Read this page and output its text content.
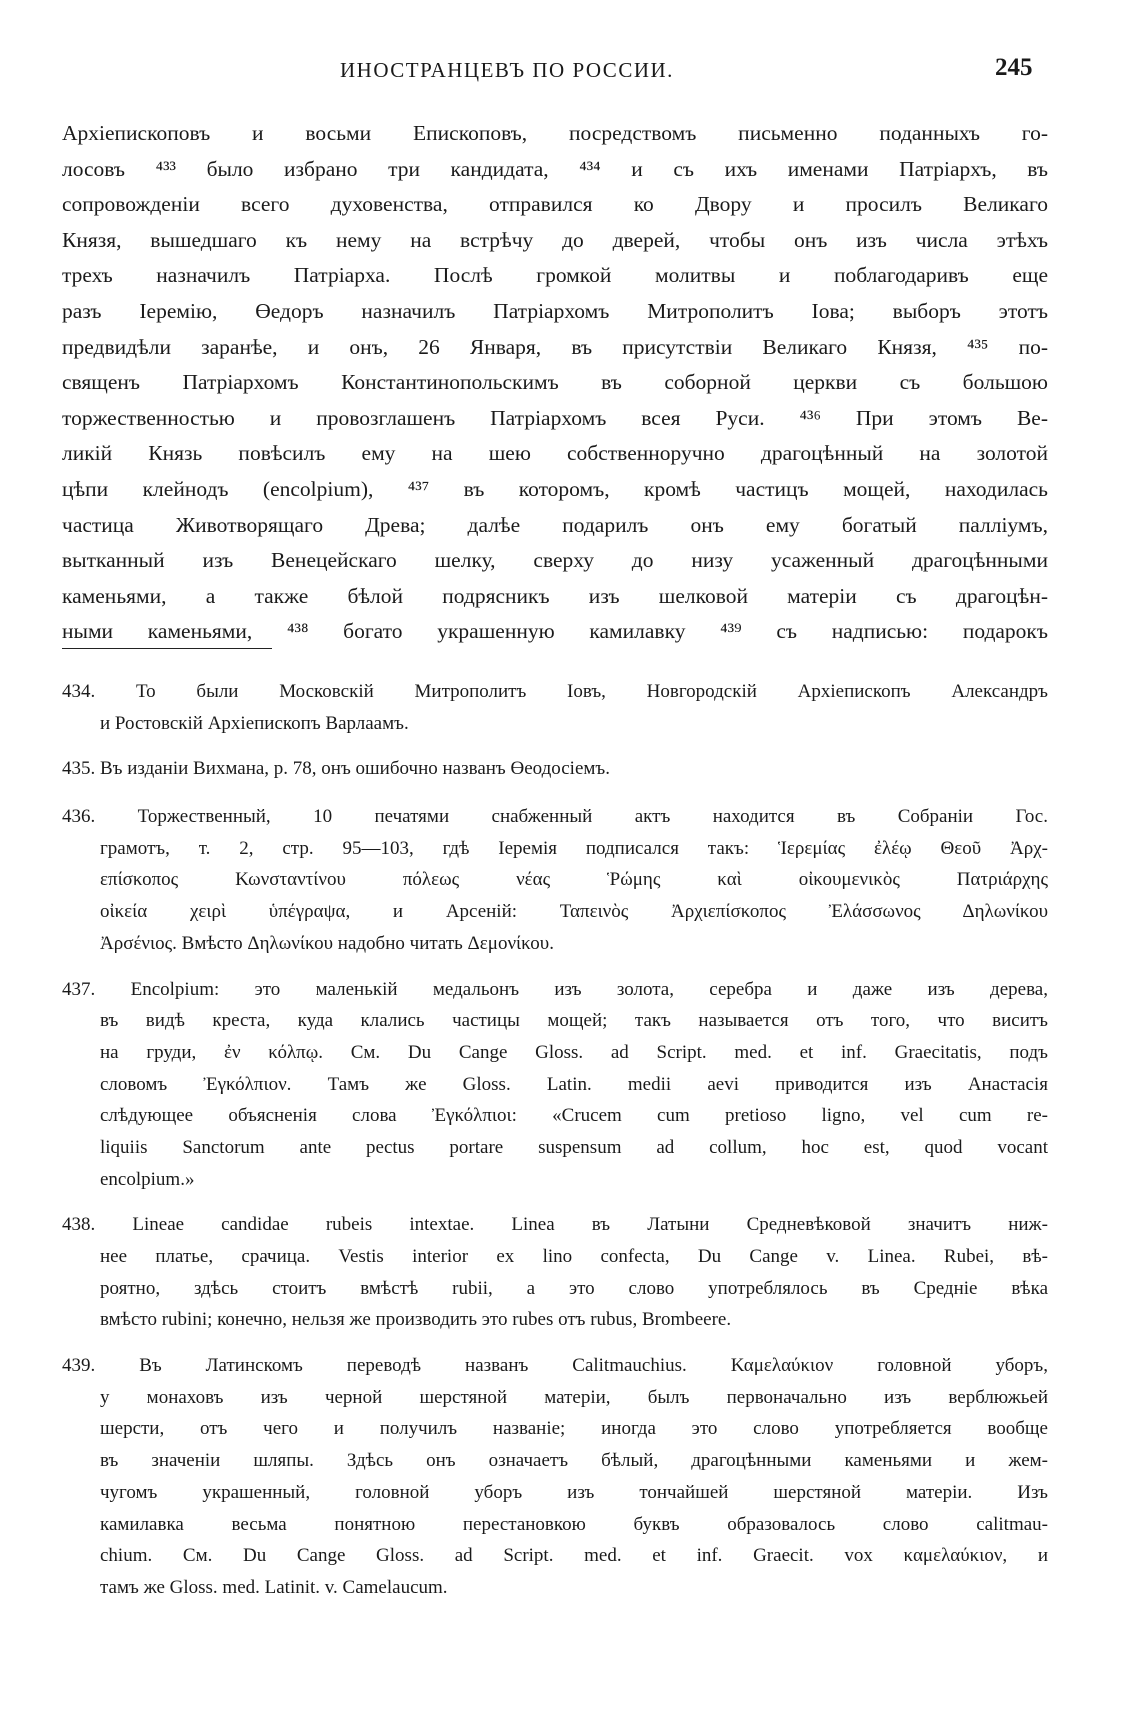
ИНОСТРАНЦЕВЪ ПО РОССИИ.	245
Архіепископовъ и восьми Епископовъ, посредствомъ письменно поданныхъ го-
лосовъ ⁴³³ было избрано три кандидата, ⁴³⁴ и съ ихъ именами Патріархъ, въ
сопровожденіи всего духовенства, отправился ко Двору и просилъ Великаго
Князя, вышедшаго къ нему на встрѣчу до дверей, чтобы онъ изъ числа этѣхъ
трехъ назначилъ Патріарха. Послѣ громкой молитвы и поблагодаривъ еще
разъ Іеремію, Өедоръ назначилъ Патріархомъ Митрополитъ Іова; выборъ этотъ
предвидѣли заранѣе, и онъ, 26 Января, въ присутствіи Великаго Князя, ⁴³⁵ по-
священъ Патріархомъ Константинопольскимъ въ соборной церкви съ большою
торжественностью и провозглашенъ Патріархомъ всея Руси. ⁴³⁶ При этомъ Ве-
ликій Князь повѣсилъ ему на шею собственноручно драгоцѣнный на золотой
цѣпи клейнодъ (encolpium), ⁴³⁷ въ которомъ, кромѣ частицъ мощей, находилась
частица Животворящаго Древа; далѣе подарилъ онъ ему богатый палліумъ,
вытканный изъ Венецейскаго шелку, сверху до низу усаженный драгоцѣнными
каменьями, а также бѣлой подрясникъ изъ шелковой матеріи съ драгоцѣн-
ными каменьями, ⁴³⁸ богато украшенную камилавку ⁴³⁹ съ надписью: подарокъ
434. То были Московскій Митрополитъ Іовъ, Новгородскій Архіепископъ Александръ
и Ростовскій Архіепископъ Варлаамъ.
435. Въ изданіи Вихмана, р. 78, онъ ошибочно названъ Өеодосіемъ.
436. Торжественный, 10 печатями снабженный актъ находится въ Собраніи Гос.
грамотъ, т. 2, стр. 95—103, гдѣ Іеремія подписался такъ: Ἱερεμίας ἐλέῳ Θεοῦ Ἀρχ-
επίσκοπος Κωνσταντίνου πόλεως νέας Ῥώμης καὶ οἰκουμενικὸς Πατριάρχης
οἰκεία χειρὶ ὑπέγραψα, и Арсеній: Ταπεινὸς Ἀρχιεπίσκοπος Ἐλάσσωνος Δηλωνίκου
Ἀρσένιος. Вмѣсто Δηλωνίκου надобно читать Δεμονίκου.
437. Encolpium: это маленькій медальонъ изъ золота, серебра и даже изъ дерева,
въ видѣ креста, куда клались частицы мощей; такъ называется отъ того, что виситъ
на груди, ἐν κόλπῳ. См. Du Cange Gloss. ad Script. med. et inf. Graecitatis, подъ
словомъ Ἐγκόλπιον. Тамъ же Gloss. Latin. medii aevi приводится изъ Анастасія
слѣдующее объясненія слова Ἐγκόλπιοι: «Crucem cum pretioso ligno, vel cum re-
liquiis Sanctorum ante pectus portare suspensum ad collum, hoc est, quod vocant
encolpium.»
438. Lineae candidae rubeis intextae. Linea въ Латыни Средневѣковой значитъ ниж-
нее платье, срачица. Vestis interior ex lino confecta, Du Cange v. Linea. Rubei, вѣ-
роятно, здѣсь стоитъ вмѣстѣ rubii, а это слово употреблялось въ Средніе вѣка
вмѣсто rubini; конечно, нельзя же производить это rubes отъ rubus, Brombeere.
439. Въ Латинскомъ переводѣ названъ Calitmauchius. Καμελαύκιον головной уборъ,
у монаховъ изъ черной шерстяной матеріи, былъ первоначально изъ верблюжьей
шерсти, отъ чего и получилъ названіе; иногда это слово употребляется вообще
въ значеніи шляпы. Здѣсь онъ означаетъ бѣлый, драгоцѣнными каменьями и жем-
чугомъ украшенный, головной уборъ изъ тончайшей шерстяной матеріи. Изъ
камилавка весьма понятною перестановкою буквъ образовалось слово calitmau-
chium. См. Du Cange Gloss. ad Script. med. et inf. Graecit. vox καμελαύκιον, и
тамъ же Gloss. med. Latinit. v. Camelaucum.
